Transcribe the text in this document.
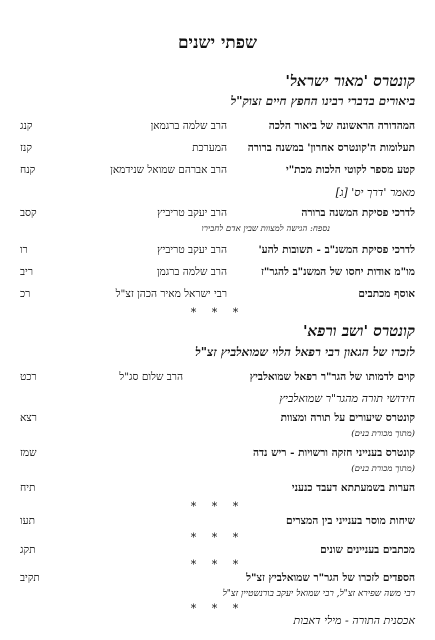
שפתי ישנים
קונטרס 'מאור ישראל'
ביאורים בדברי רבינו החפץ חיים זצוק"ל
המהדורה הראשונה של ביאור הלכה
הרב שלמה ברגמאן
קנג
תעלומות ה'קונטרס אחרון' במשנה ברורה
המערכת
קנז
קטע מספר לקוטי הלכות מכת"י
הרב אברהם שמואל שנידמאן
קנח
מאמר 'דרך יס' [ג]
לדרכי פסיקת המשנה ברורה
הרב יעקב טריביץ
קסב
נספח: הגישה למצוות שבין אדם לחבירו
לדרכי פסיקת המשנ"ב - תשובות להע'
הרב יעקב טריביץ
רו
מו"מ אודות יחסו של המשנ"ב להגר"ז
הרב שלמה ברגמן
ריב
אוסף מכתבים
רבי ישראל מאיר הכהן זצ"ל
רכ
* * *
קונטרס 'ושב ורפא'
לזכרו של הגאון רבי רפאל הלוי שמואלביץ זצ"ל
קוים לדמותו של הגר"ר רפאל שמואלביץ
הרב שלום סג"ל
רכט
חידושי תורה מהגר"ר שמואלביץ
קונטרס שיעורים על תורה ומצוות
רצא
(מתוך מכורת בנים)
קונטרס בענייני חזקה ורשויות - ריש נדה
שמז
(מתוך מכורת בנים)
הערות בשמעתתא דעבד כנעני
תיח
* * *
שיחות מוסר בענייני בין המצרים
תעו
* * *
מכתבים בעניינים שונים
תקג
* * *
הספדים לזכרו של הגר"ר שמואלביץ זצ"ל
תקיב
רבי משה שפירא זצ"ל, רבי שמואל יעקב בורנשטיין זצ"ל
* * *
אכסנית התורה - מילי דאבות
